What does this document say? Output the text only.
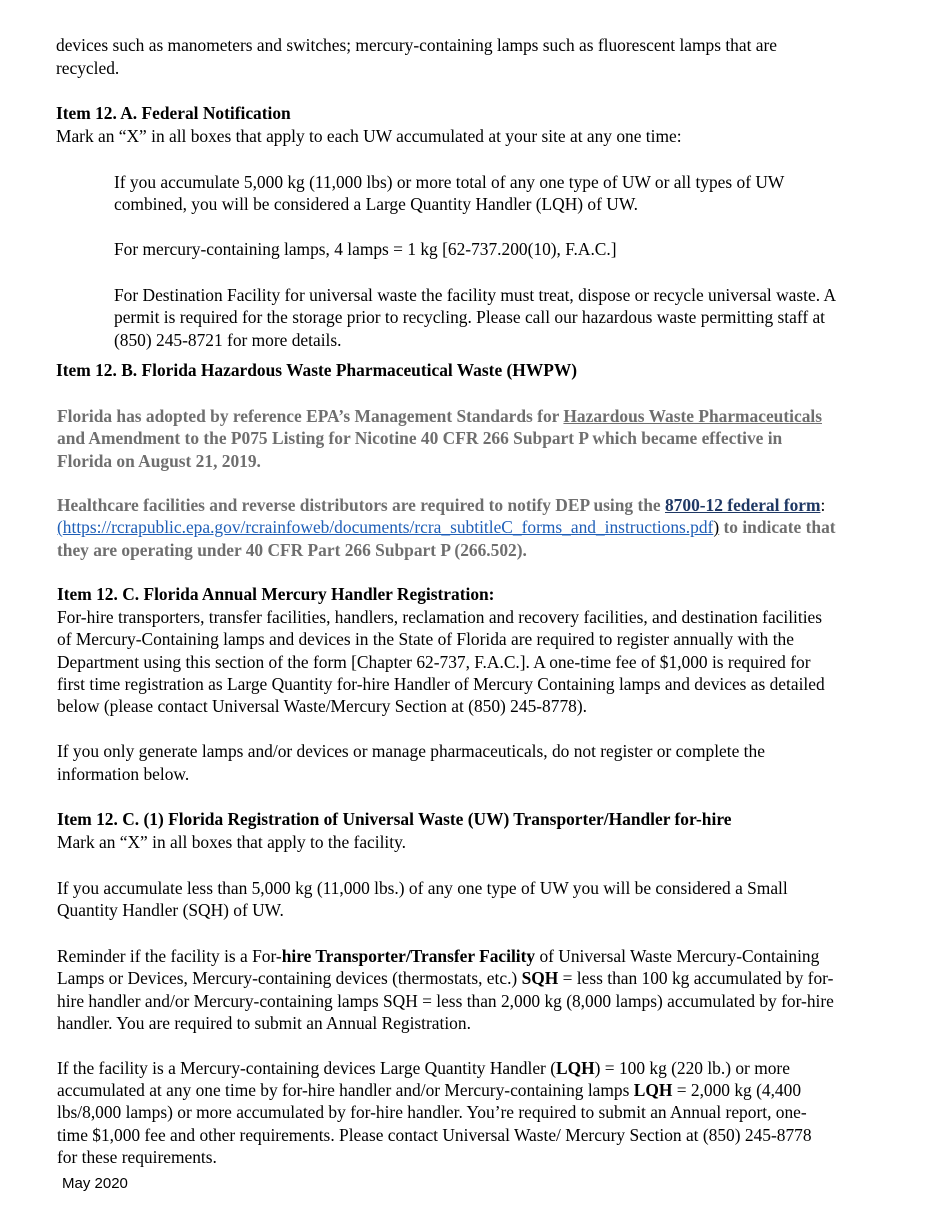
devices such as manometers and switches; mercury-containing lamps such as fluorescent lamps that are
recycled.
Item 12. A. Federal Notification
Mark an “X” in all boxes that apply to each UW accumulated at your site at any one time:
If you accumulate 5,000 kg (11,000 lbs) or more total of any one type of UW or all types of UW
combined, you will be considered a Large Quantity Handler (LQH) of UW.
For mercury-containing lamps, 4 lamps = 1 kg [62-737.200(10), F.A.C.]
For Destination Facility for universal waste the facility must treat, dispose or recycle universal waste. A
permit is required for the storage prior to recycling. Please call our hazardous waste permitting staff at
(850) 245-8721 for more details.
Item 12. B. Florida Hazardous Waste Pharmaceutical Waste (HWPW)
Florida has adopted by reference EPA’s Management Standards for Hazardous Waste Pharmaceuticals
and Amendment to the P075 Listing for Nicotine 40 CFR 266 Subpart P which became effective in
Florida on August 21, 2019.
Healthcare facilities and reverse distributors are required to notify DEP using the 8700-12 federal form:
(https://rcrapublic.epa.gov/rcrainfoweb/documents/rcra_subtitleC_forms_and_instructions.pdf) to indicate that
they are operating under 40 CFR Part 266 Subpart P (266.502).
Item 12. C. Florida Annual Mercury Handler Registration:
For-hire transporters, transfer facilities, handlers, reclamation and recovery facilities, and destination facilities
of Mercury-Containing lamps and devices in the State of Florida are required to register annually with the
Department using this section of the form [Chapter 62-737, F.A.C.]. A one-time fee of $1,000 is required for
first time registration as Large Quantity for-hire Handler of Mercury Containing lamps and devices as detailed
below (please contact Universal Waste/Mercury Section at (850) 245-8778).
If you only generate lamps and/or devices or manage pharmaceuticals, do not register or complete the
information below.
Item 12. C. (1) Florida Registration of Universal Waste (UW) Transporter/Handler for-hire
Mark an “X” in all boxes that apply to the facility.
If you accumulate less than 5,000 kg (11,000 lbs.) of any one type of UW you will be considered a Small
Quantity Handler (SQH) of UW.
Reminder if the facility is a For-hire Transporter/Transfer Facility of Universal Waste Mercury-Containing
Lamps or Devices, Mercury-containing devices (thermostats, etc.) SQH = less than 100 kg accumulated by for-
hire handler and/or Mercury-containing lamps SQH = less than 2,000 kg (8,000 lamps) accumulated by for-hire
handler. You are required to submit an Annual Registration.
If the facility is a Mercury-containing devices Large Quantity Handler (LQH) = 100 kg (220 lb.) or more
accumulated at any one time by for-hire handler and/or Mercury-containing lamps LQH = 2,000 kg (4,400
lbs/8,000 lamps) or more accumulated by for-hire handler. You’re required to submit an Annual report, one-
time $1,000 fee and other requirements. Please contact Universal Waste/ Mercury Section at (850) 245-8778
for these requirements.
May 2020
